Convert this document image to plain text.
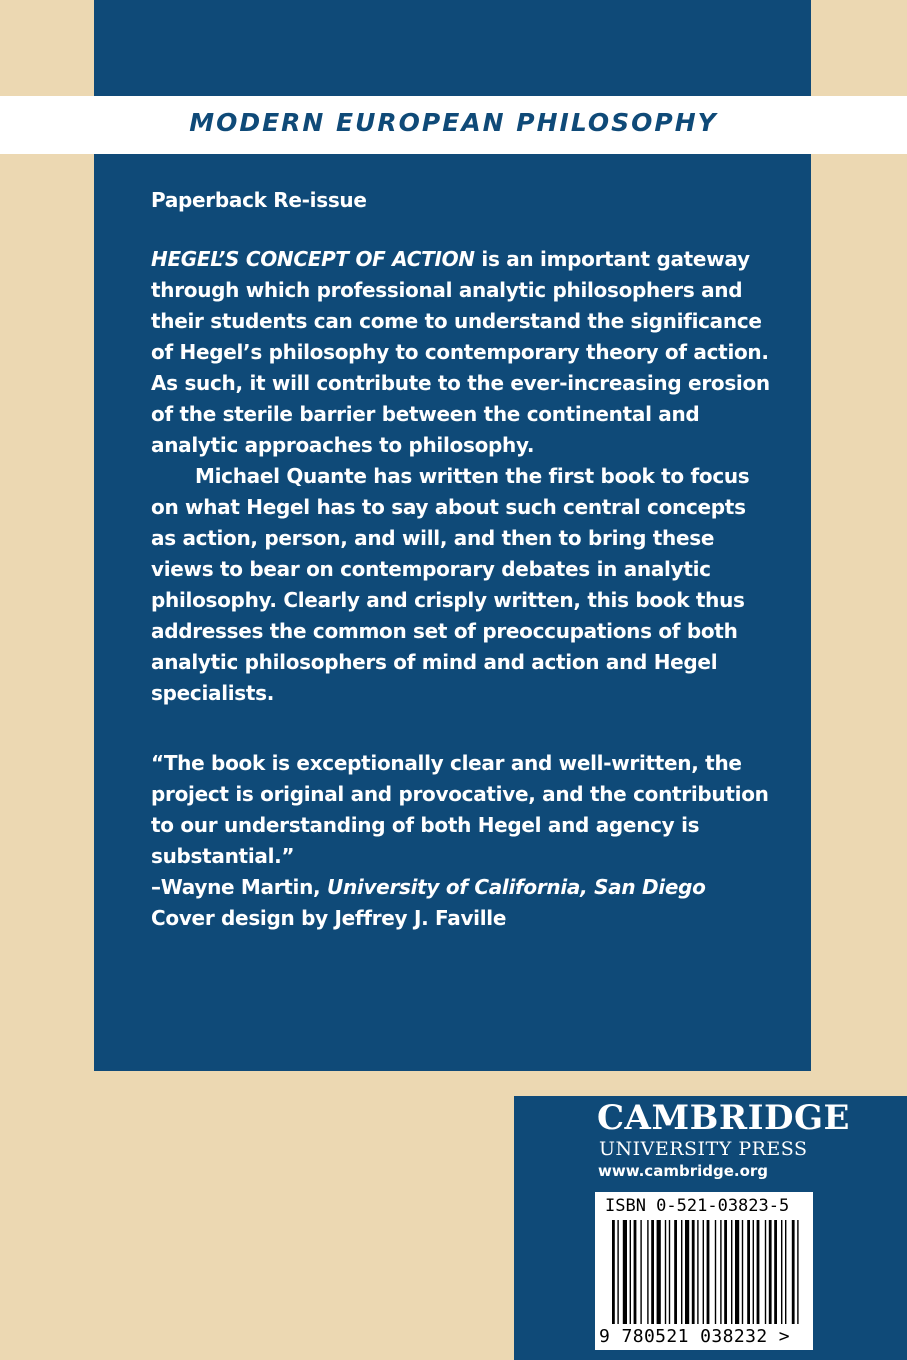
MODERN EUROPEAN PHILOSOPHY

Paperback Re-issue

HEGEL’S CONCEPT OF ACTION is an important gateway through which professional analytic philosophers and their students can come to understand the significance of Hegel’s philosophy to contemporary theory of action. As such, it will contribute to the ever-increasing erosion of the sterile barrier between the continental and analytic approaches to philosophy.

Michael Quante has written the first book to focus on what Hegel has to say about such central concepts as action, person, and will, and then to bring these views to bear on contemporary debates in analytic philosophy. Clearly and crisply written, this book thus addresses the common set of preoccupations of both analytic philosophers of mind and action and Hegel specialists.

“The book is exceptionally clear and well-written, the project is original and provocative, and the contribution to our understanding of both Hegel and agency is substantial.”

–Wayne Martin, University of California, San Diego

Cover design by Jeffrey J. Faville

CAMBRIDGE
UNIVERSITY PRESS
www.cambridge.org
ISBN 0-521-03823-5
9 780521 038232 >
